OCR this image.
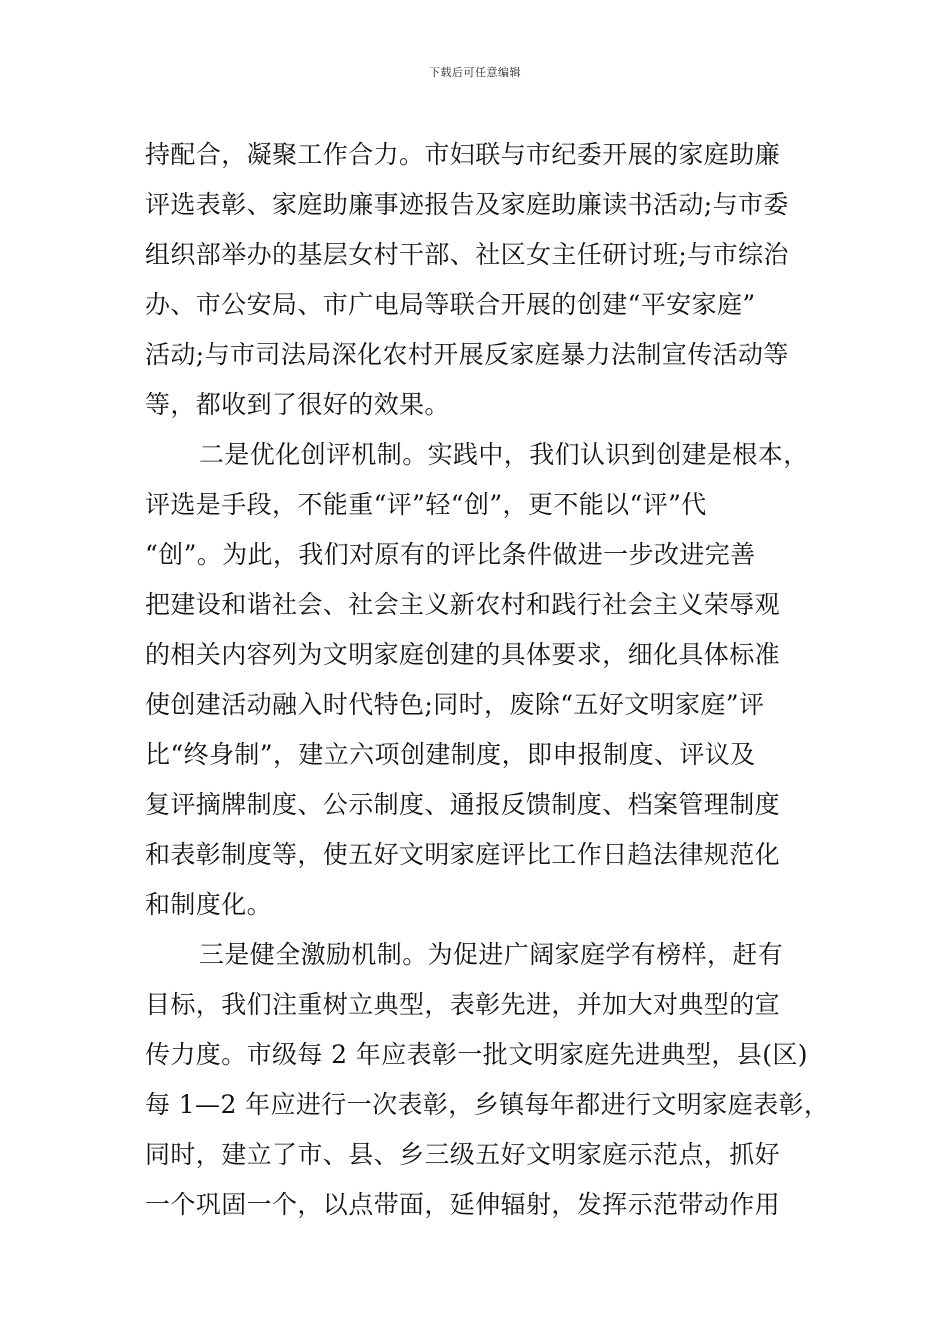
下载后可任意编辑
持配合，凝聚工作合力。市妇联与市纪委开展的家庭助廉
评选表彰、家庭助廉事迹报告及家庭助廉读书活动;与市委
组织部举办的基层女村干部、社区女主任研讨班;与市综治
办、市公安局、市广电局等联合开展的创建“平安家庭”
活动;与市司法局深化农村开展反家庭暴力法制宣传活动等
等，都收到了很好的效果。
二是优化创评机制。实践中，我们认识到创建是根本，
评选是手段，不能重“评”轻“创”，更不能以“评”代
“创”。为此，我们对原有的评比条件做进一步改进完善
把建设和谐社会、社会主义新农村和践行社会主义荣辱观
的相关内容列为文明家庭创建的具体要求，细化具体标准
使创建活动融入时代特色;同时，废除“五好文明家庭”评
比“终身制”，建立六项创建制度，即申报制度、评议及
复评摘牌制度、公示制度、通报反馈制度、档案管理制度
和表彰制度等，使五好文明家庭评比工作日趋法律规范化
和制度化。
三是健全激励机制。为促进广阔家庭学有榜样，赶有
目标，我们注重树立典型，表彰先进，并加大对典型的宣
传力度。市级每 2 年应表彰一批文明家庭先进典型，县(区)
每 1—2 年应进行一次表彰，乡镇每年都进行文明家庭表彰，
同时，建立了市、县、乡三级五好文明家庭示范点，抓好
一个巩固一个，以点带面，延伸辐射，发挥示范带动作用
